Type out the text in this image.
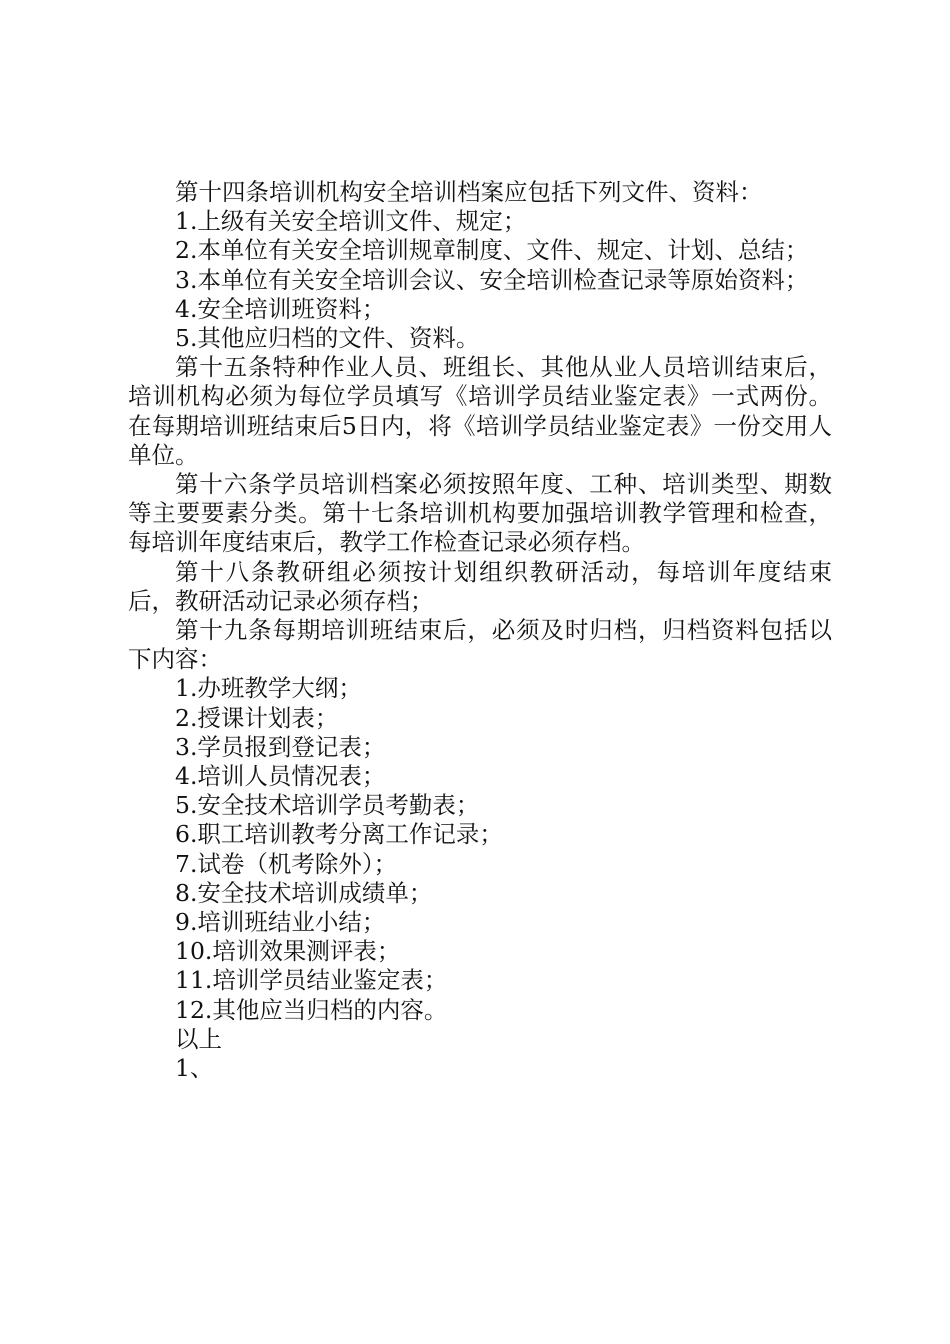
第十四条培训机构安全培训档案应包括下列文件、资料：

1.上级有关安全培训文件、规定；

2.本单位有关安全培训规章制度、文件、规定、计划、总结；

3.本单位有关安全培训会议、安全培训检查记录等原始资料；

4.安全培训班资料；

5.其他应归档的文件、资料。

第十五条特种作业人员、班组长、其他从业人员培训结束后，培训机构必须为每位学员填写《培训学员结业鉴定表》一式两份。在每期培训班结束后5日内，将《培训学员结业鉴定表》一份交用人单位。

第十六条学员培训档案必须按照年度、工种、培训类型、期数等主要要素分类。第十七条培训机构要加强培训教学管理和检查，每培训年度结束后，教学工作检查记录必须存档。

第十八条教研组必须按计划组织教研活动，每培训年度结束后，教研活动记录必须存档；

第十九条每期培训班结束后，必须及时归档，归档资料包括以下内容：

1.办班教学大纲；

2.授课计划表；

3.学员报到登记表；

4.培训人员情况表；

5.安全技术培训学员考勤表；

6.职工培训教考分离工作记录；

7.试卷（机考除外）；

8.安全技术培训成绩单；

9.培训班结业小结；

10.培训效果测评表；

11.培训学员结业鉴定表；

12.其他应当归档的内容。

以上

1、
